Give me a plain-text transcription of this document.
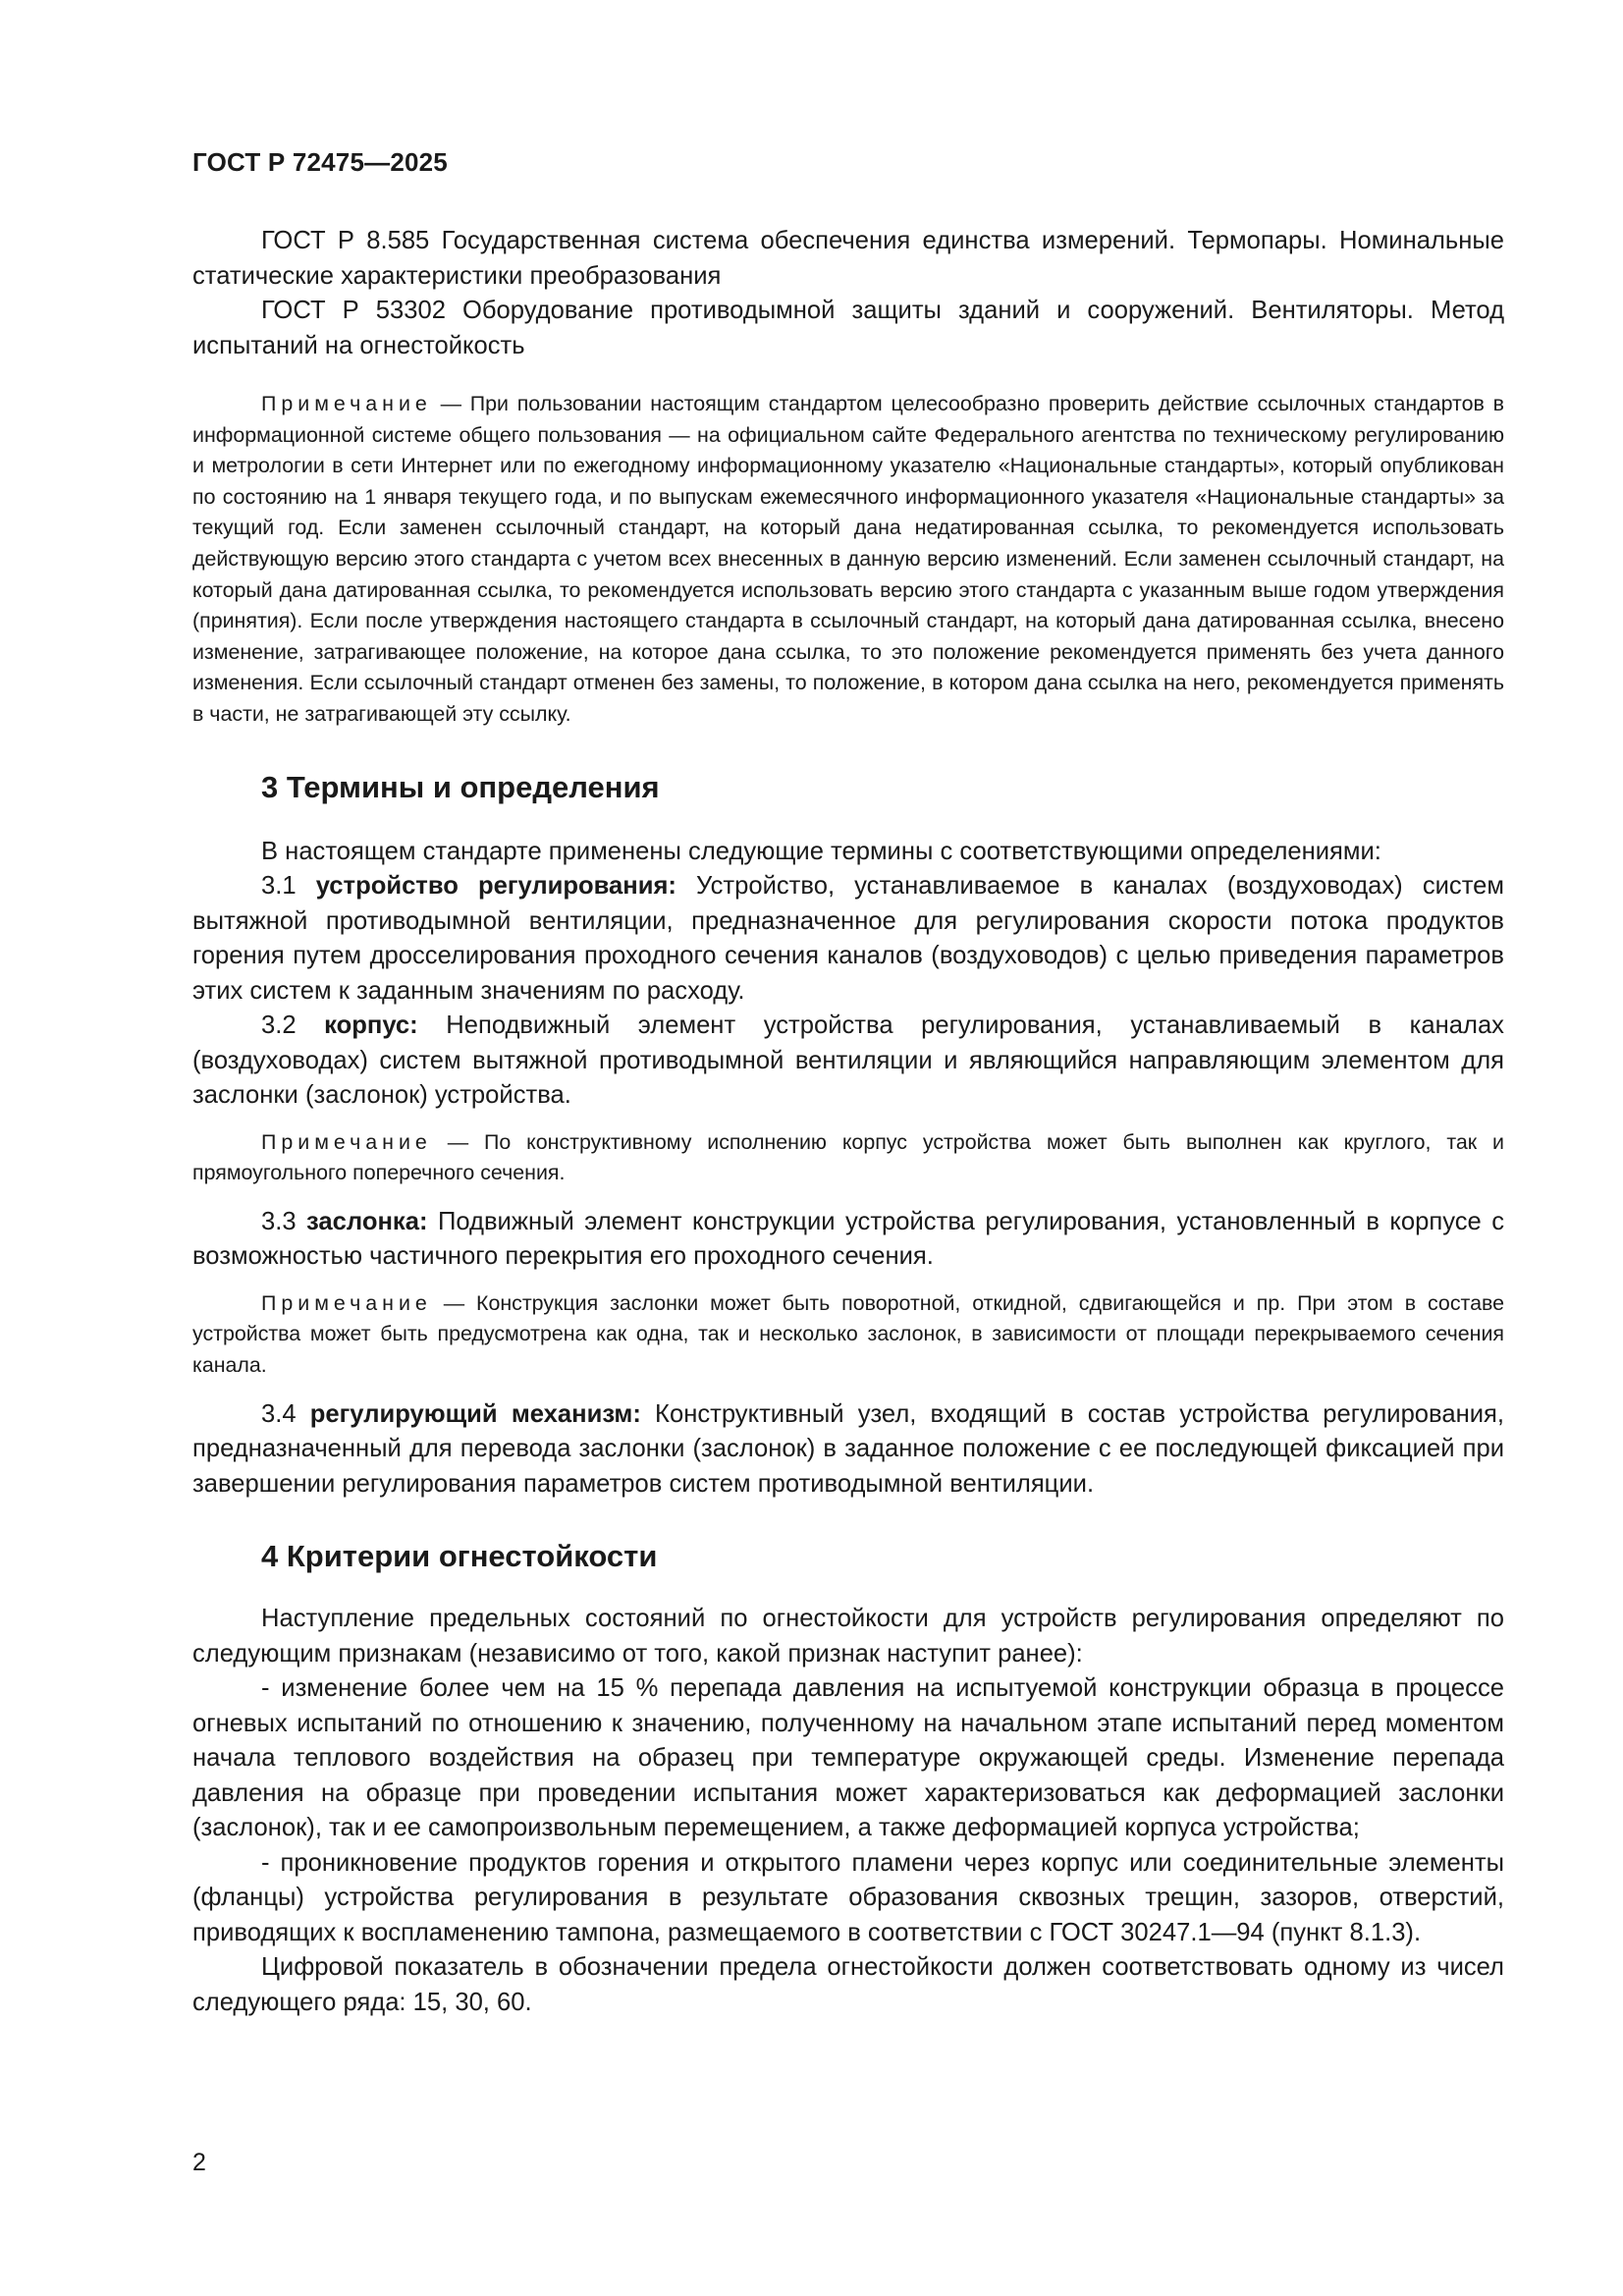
ГОСТ Р 72475—2025

ГОСТ Р 8.585 Государственная система обеспечения единства измерений. Термопары. Номинальные статические характеристики преобразования

ГОСТ Р 53302 Оборудование противодымной защиты зданий и сооружений. Вентиляторы. Метод испытаний на огнестойкость

Примечание — При пользовании настоящим стандартом целесообразно проверить действие ссылочных стандартов в информационной системе общего пользования — на официальном сайте Федерального агентства по техническому регулированию и метрологии в сети Интернет или по ежегодному информационному указателю «Национальные стандарты», который опубликован по состоянию на 1 января текущего года, и по выпускам ежемесячного информационного указателя «Национальные стандарты» за текущий год. Если заменен ссылочный стандарт, на который дана недатированная ссылка, то рекомендуется использовать действующую версию этого стандарта с учетом всех внесенных в данную версию изменений. Если заменен ссылочный стандарт, на который дана датированная ссылка, то рекомендуется использовать версию этого стандарта с указанным выше годом утверждения (принятия). Если после утверждения настоящего стандарта в ссылочный стандарт, на который дана датированная ссылка, внесено изменение, затрагивающее положение, на которое дана ссылка, то это положение рекомендуется применять без учета данного изменения. Если ссылочный стандарт отменен без замены, то положение, в котором дана ссылка на него, рекомендуется применять в части, не затрагивающей эту ссылку.
3 Термины и определения

В настоящем стандарте применены следующие термины с соответствующими определениями:

3.1 устройство регулирования: Устройство, устанавливаемое в каналах (воздуховодах) систем вытяжной противодымной вентиляции, предназначенное для регулирования скорости потока продуктов горения путем дросселирования проходного сечения каналов (воздуховодов) с целью приведения параметров этих систем к заданным значениям по расходу.

3.2 корпус: Неподвижный элемент устройства регулирования, устанавливаемый в каналах (воздуховодах) систем вытяжной противодымной вентиляции и являющийся направляющим элементом для заслонки (заслонок) устройства.

Примечание — По конструктивному исполнению корпус устройства может быть выполнен как круглого, так и прямоугольного поперечного сечения.

3.3 заслонка: Подвижный элемент конструкции устройства регулирования, установленный в корпусе с возможностью частичного перекрытия его проходного сечения.

Примечание — Конструкция заслонки может быть поворотной, откидной, сдвигающейся и пр. При этом в составе устройства может быть предусмотрена как одна, так и несколько заслонок, в зависимости от площади перекрываемого сечения канала.

3.4 регулирующий механизм: Конструктивный узел, входящий в состав устройства регулирования, предназначенный для перевода заслонки (заслонок) в заданное положение с ее последующей фиксацией при завершении регулирования параметров систем противодымной вентиляции.

4 Критерии огнестойкости

Наступление предельных состояний по огнестойкости для устройств регулирования определяют по следующим признакам (независимо от того, какой признак наступит ранее):

- изменение более чем на 15 % перепада давления на испытуемой конструкции образца в процессе огневых испытаний по отношению к значению, полученному на начальном этапе испытаний перед моментом начала теплового воздействия на образец при температуре окружающей среды. Изменение перепада давления на образце при проведении испытания может характеризоваться как деформацией заслонки (заслонок), так и ее самопроизвольным перемещением, а также деформацией корпуса устройства;

- проникновение продуктов горения и открытого пламени через корпус или соединительные элементы (фланцы) устройства регулирования в результате образования сквозных трещин, зазоров, отверстий, приводящих к воспламенению тампона, размещаемого в соответствии с ГОСТ 30247.1—94 (пункт 8.1.3).

Цифровой показатель в обозначении предела огнестойкости должен соответствовать одному из чисел следующего ряда: 15, 30, 60.

2
